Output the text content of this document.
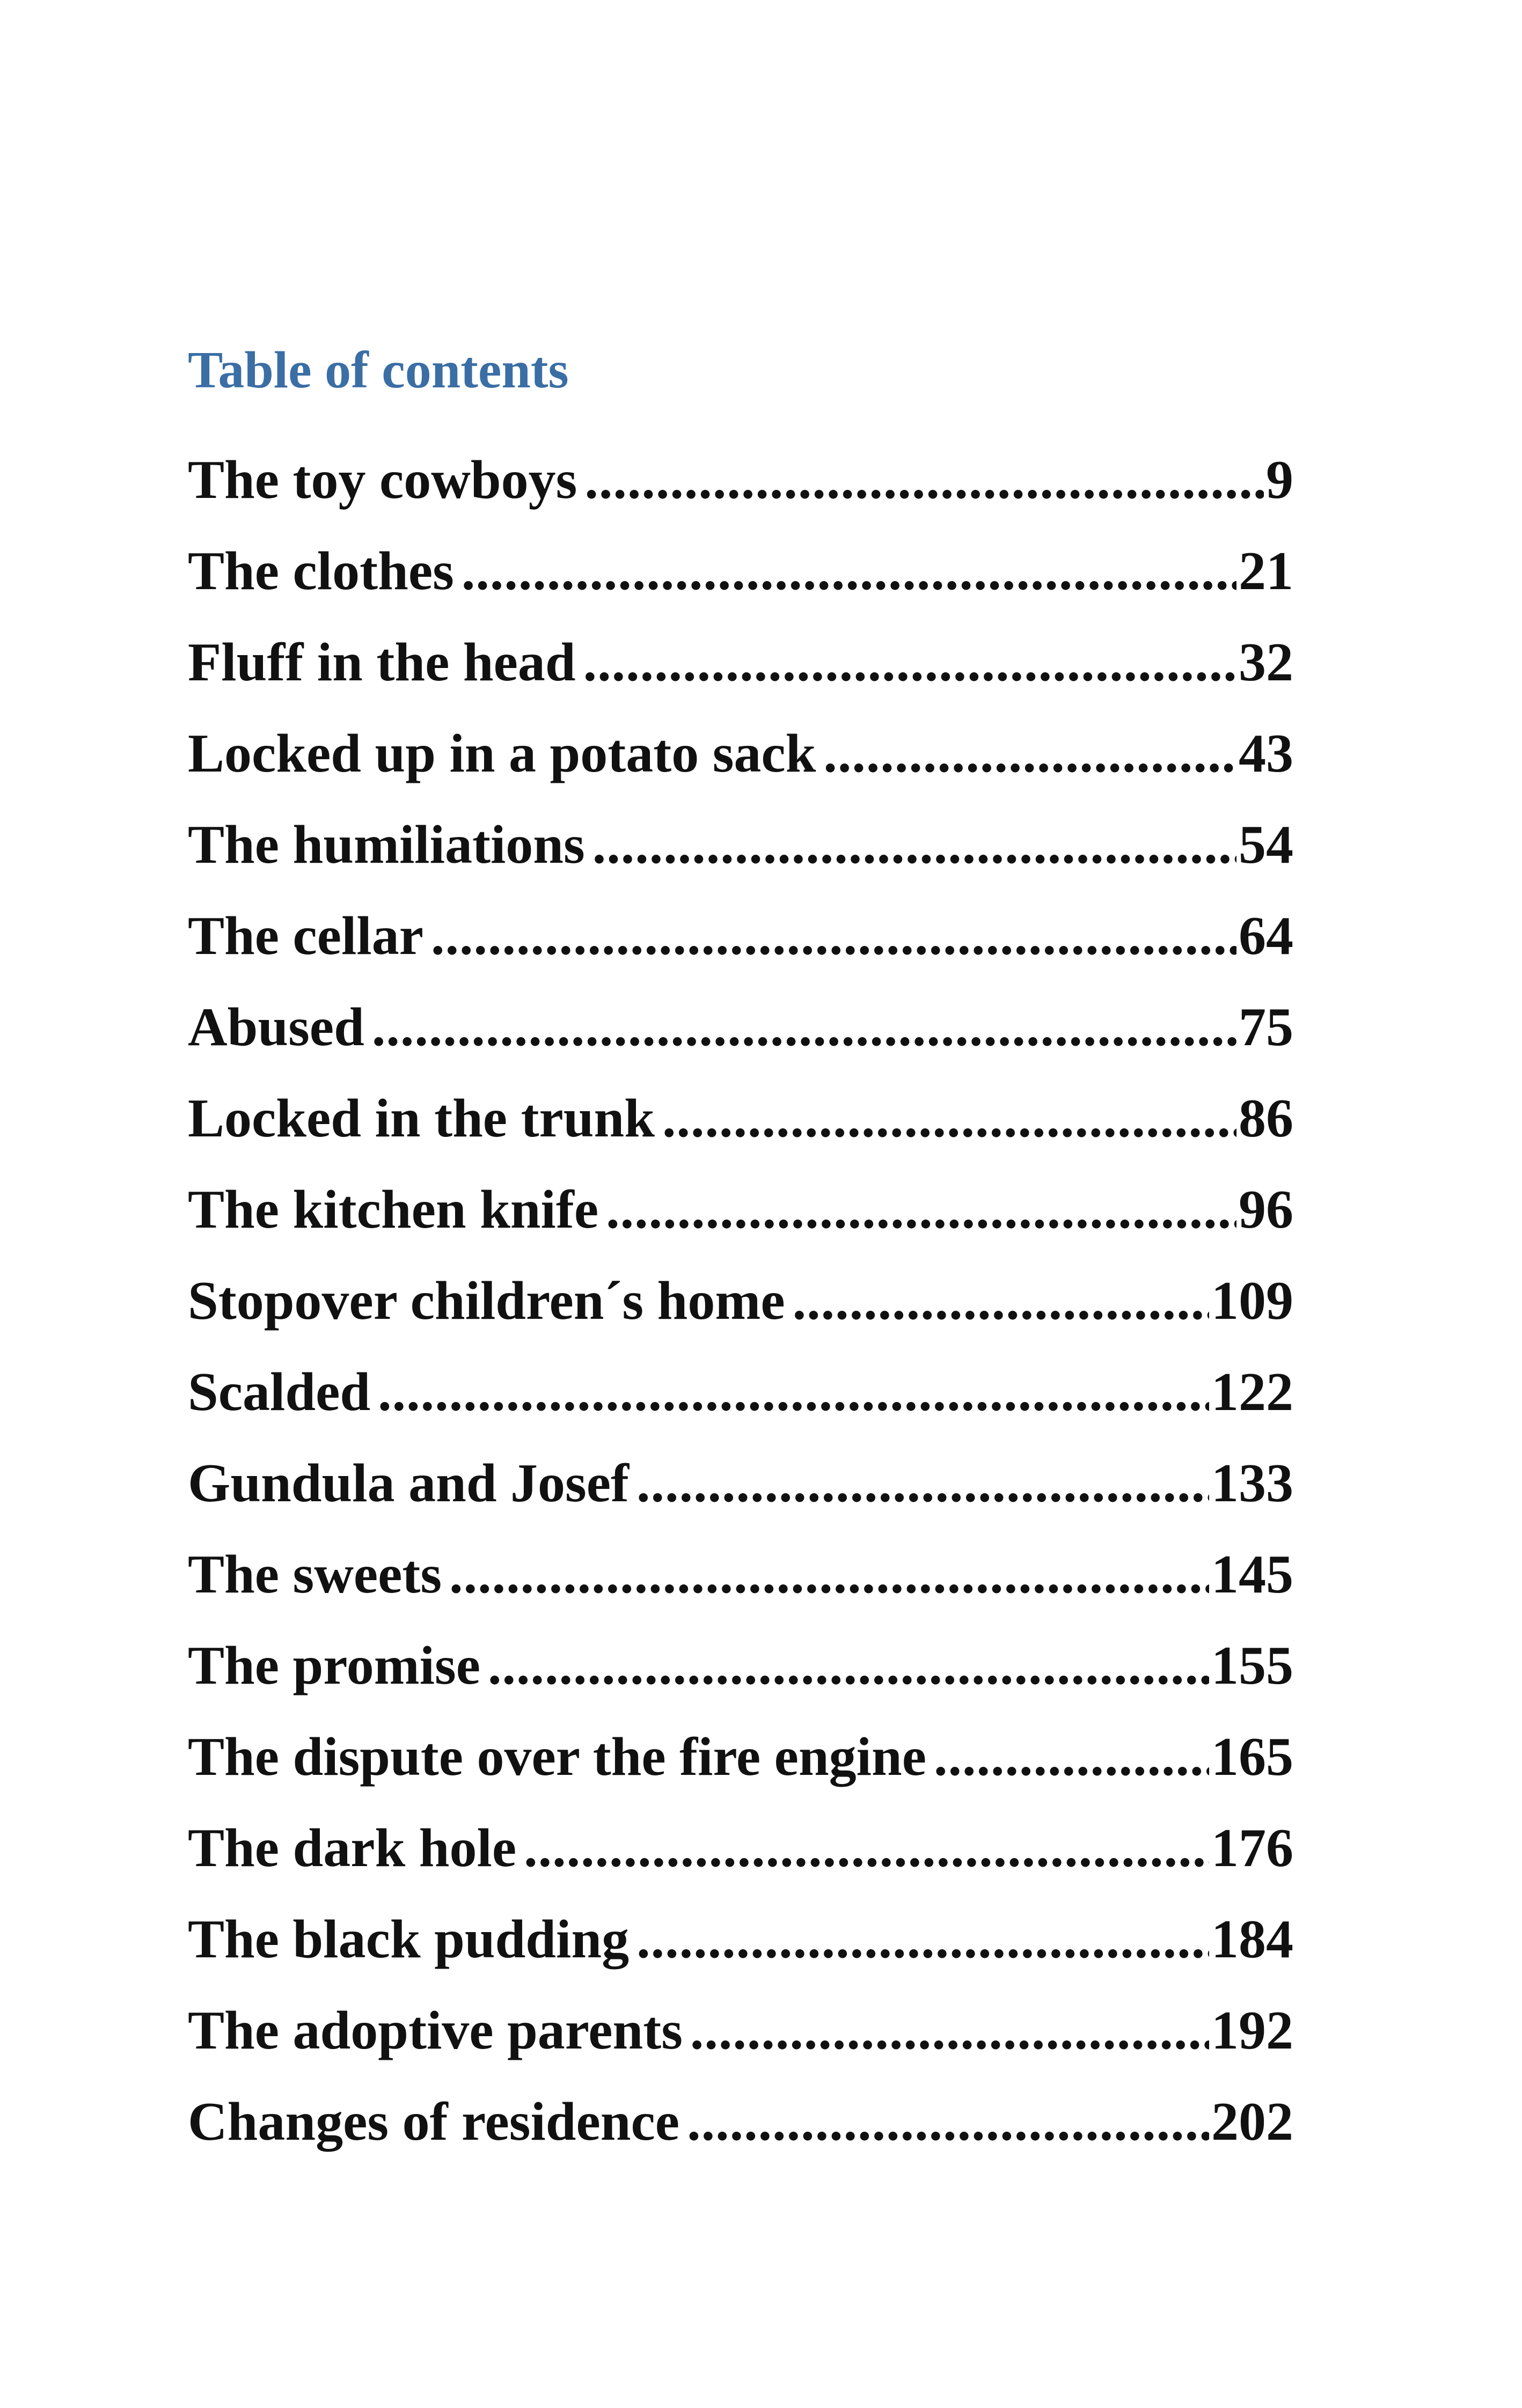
Table of contents
The toy cowboys .....	9
The clothes .....	21
Fluff in the head .....	32
Locked up in a potato sack .....	43
The humiliations .....	54
The cellar .....	64
Abused .....	75
Locked in the trunk .....	86
The kitchen knife .....	96
Stopover children´s home .....	109
Scalded .....	122
Gundula and Josef .....	133
The sweets .....	145
The promise .....	155
The dispute over the fire engine .....	165
The dark hole .....	176
The black pudding .....	184
The adoptive parents .....	192
Changes of residence .....	202
